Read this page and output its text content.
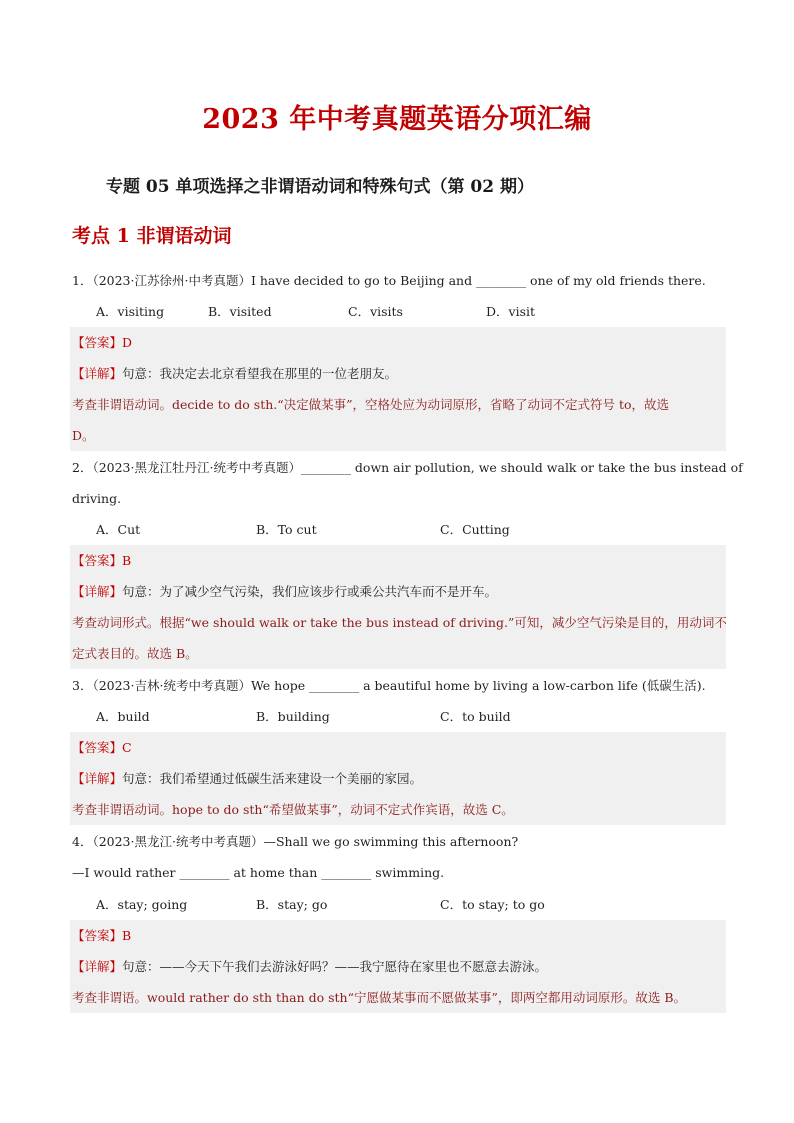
2023 年中考真题英语分项汇编
专题 05 单项选择之非谓语动词和特殊句式（第 02 期）
考点 1 非谓语动词
1．（2023·江苏徐州·中考真题）I have decided to go to Beijing and ________ one of my old friends there.
A．visiting	B．visited	C．visits	D．visit
【答案】D
【详解】句意：我决定去北京看望我在那里的一位老朋友。
考查非谓语动词。decide to do sth.“决定做某事”，空格处应为动词原形，省略了动词不定式符号 to，故选
D。
2．（2023·黑龙江牡丹江·统考中考真题）________ down air pollution, we should walk or take the bus instead of
driving.
A．Cut	B．To cut	C．Cutting
【答案】B
【详解】句意：为了减少空气污染，我们应该步行或乘公共汽车而不是开车。
考查动词形式。根据“we should walk or take the bus instead of driving.”可知，减少空气污染是目的，用动词不
定式表目的。故选 B。
3．（2023·吉林·统考中考真题）We hope ________ a beautiful home by living a low-carbon life (低碳生活).
A．build	B．building	C．to build
【答案】C
【详解】句意：我们希望通过低碳生活来建设一个美丽的家园。
考查非谓语动词。hope to do sth“希望做某事”，动词不定式作宾语，故选 C。
4．（2023·黑龙江·统考中考真题）—Shall we go swimming this afternoon?
—I would rather ________ at home than ________ swimming.
A．stay; going	B．stay; go	C．to stay; to go
【答案】B
【详解】句意：——今天下午我们去游泳好吗？——我宁愿待在家里也不愿意去游泳。
考查非谓语。would rather do sth than do sth“宁愿做某事而不愿做某事”，即两空都用动词原形。故选 B。
